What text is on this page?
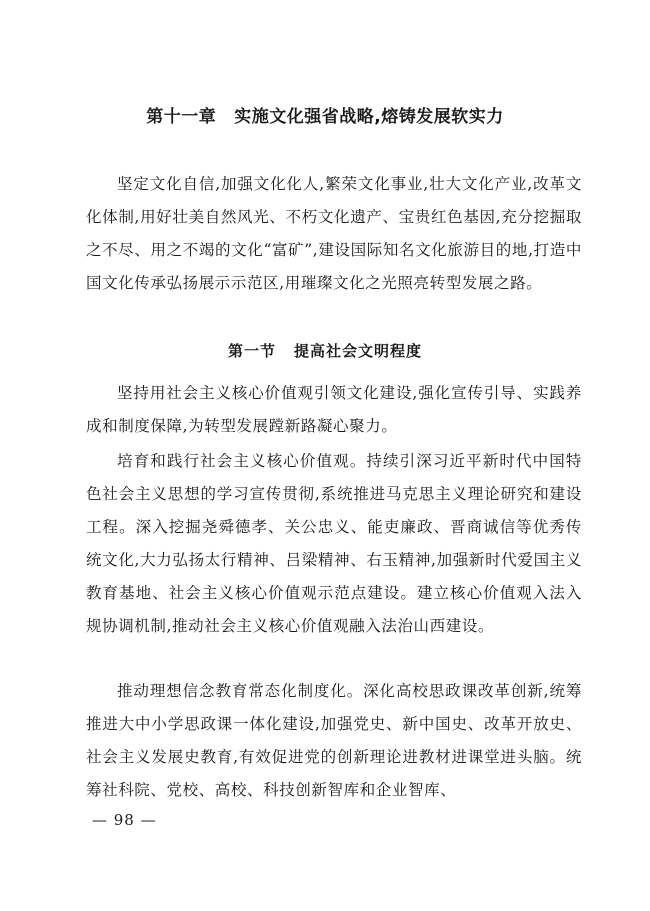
第十一章 实施文化强省战略,熔铸发展软实力

坚定文化自信,加强文化化人,繁荣文化事业,壮大文化产业,改革文化体制,用好壮美自然风光、不朽文化遗产、宝贵红色基因,充分挖掘取之不尽、用之不竭的文化“富矿”,建设国际知名文化旅游目的地,打造中国文化传承弘扬展示示范区,用璀璨文化之光照亮转型发展之路。

第一节 提高社会文明程度

坚持用社会主义核心价值观引领文化建设,强化宣传引导、实践养成和制度保障,为转型发展蹚新路凝心聚力。

培育和践行社会主义核心价值观。持续引深习近平新时代中国特色社会主义思想的学习宣传贯彻,系统推进马克思主义理论研究和建设工程。深入挖掘尧舜德孝、关公忠义、能吏廉政、晋商诚信等优秀传统文化,大力弘扬太行精神、吕梁精神、右玉精神,加强新时代爱国主义教育基地、社会主义核心价值观示范点建设。建立核心价值观入法入规协调机制,推动社会主义核心价值观融入法治山西建设。

推动理想信念教育常态化制度化。深化高校思政课改革创新,统筹推进大中小学思政课一体化建设,加强党史、新中国史、改革开放史、社会主义发展史教育,有效促进党的创新理论进教材进课堂进头脑。统筹社科院、党校、高校、科技创新智库和企业智库、

— 98 —
